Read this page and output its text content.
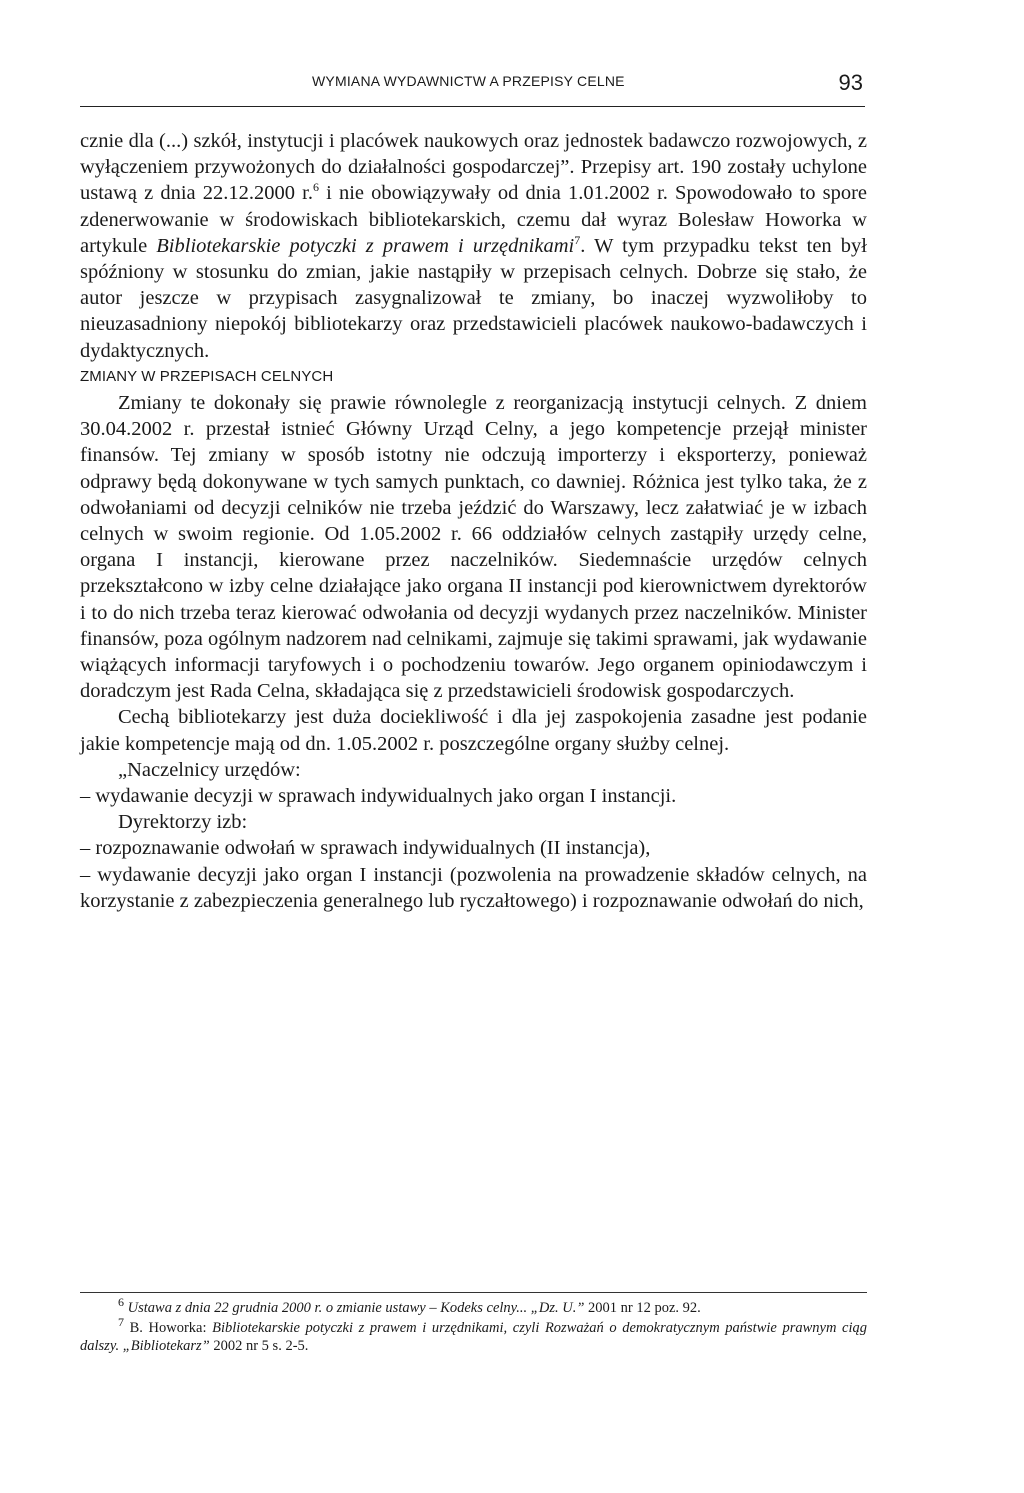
WYMIANA WYDAWNICTW A PRZEPISY CELNE	93

cznie dla (...) szkół, instytucji i placówek naukowych oraz jednostek badawczo rozwojowych, z wyłączeniem przywożonych do działalności gospodarczej”. Przepisy art. 190 zostały uchylone ustawą z dnia 22.12.2000 r.$^6$ i nie obowiązywały od dnia 1.01.2002 r. Spowodowało to spore zdenerwowanie w środowiskach bibliotekarskich, czemu dał wyraz Bolesław Howorka w artykule Bibliotekarskie potyczki z prawem i urzędnikami$^7$. W tym przypadku tekst ten był spóźniony w stosunku do zmian, jakie nastąpiły w przepisach celnych. Dobrze się stało, że autor jeszcze w przypisach zasygnalizował te zmiany, bo inaczej wyzwoliłoby to nieuzasadniony niepokój bibliotekarzy oraz przedstawicieli placówek naukowo-badawczych i dydaktycznych.

ZMIANY W PRZEPISACH CELNYCH

Zmiany te dokonały się prawie równolegle z reorganizacją instytucji celnych. Z dniem 30.04.2002 r. przestał istnieć Główny Urząd Celny, a jego kompetencje przejął minister finansów. Tej zmiany w sposób istotny nie odczują importerzy i eksporterzy, ponieważ odprawy będą dokonywane w tych samych punktach, co dawniej. Różnica jest tylko taka, że z odwołaniami od decyzji celników nie trzeba jeździć do Warszawy, lecz załatwiać je w izbach celnych w swoim regionie. Od 1.05.2002 r. 66 oddziałów celnych zastąpiły urzędy celne, organa I instancji, kierowane przez naczelników. Siedemnaście urzędów celnych przekształcono w izby celne działające jako organa II instancji pod kierownictwem dyrektorów i to do nich trzeba teraz kierować odwołania od decyzji wydanych przez naczelników. Minister finansów, poza ogólnym nadzorem nad celnikami, zajmuje się takimi sprawami, jak wydawanie wiążących informacji taryfowych i o pochodzeniu towarów. Jego organem opiniodawczym i doradczym jest Rada Celna, składająca się z przedstawicieli środowisk gospodarczych.

Cechą bibliotekarzy jest duża dociekliwość i dla jej zaspokojenia zasadne jest podanie jakie kompetencje mają od dn. 1.05.2002 r. poszczególne organy służby celnej.

„Naczelnicy urzędów:

– wydawanie decyzji w sprawach indywidualnych jako organ I instancji.

Dyrektorzy izb:

– rozpoznawanie odwołań w sprawach indywidualnych (II instancja),

– wydawanie decyzji jako organ I instancji (pozwolenia na prowadzenie składów celnych, na korzystanie z zabezpieczenia generalnego lub ryczałtowego) i rozpoznawanie odwołań do nich,

$^6$ Ustawa z dnia 22 grudnia 2000 r. o zmianie ustawy – Kodeks celny... „Dz. U.” 2001 nr 12 poz. 92.

$^7$ B. Howorka: Bibliotekarskie potyczki z prawem i urzędnikami, czyli Rozważań o demokratycznym państwie prawnym ciąg dalszy. „Bibliotekarz” 2002 nr 5 s. 2-5.
